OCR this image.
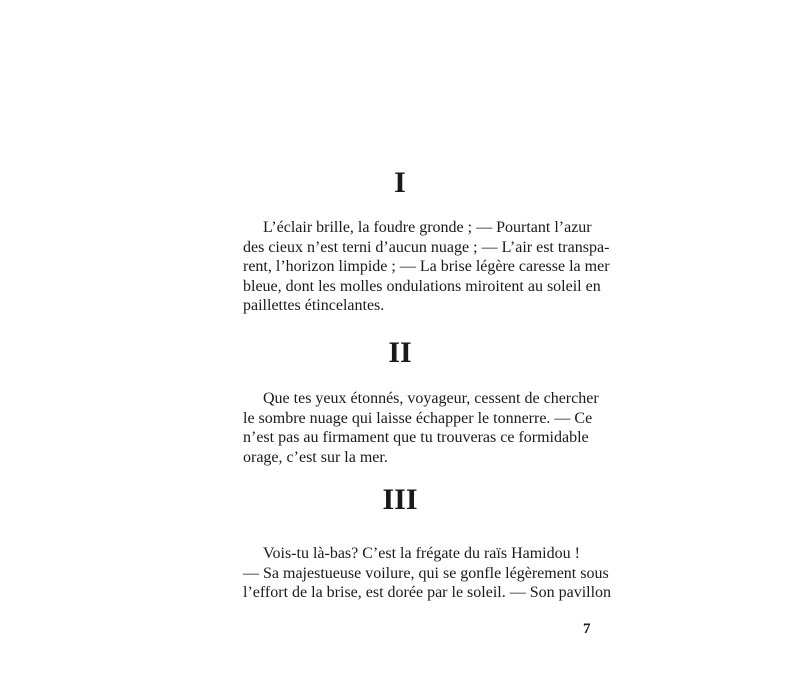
I

L’éclair brille, la foudre gronde ; — Pourtant l’azur
des cieux n’est terni d’aucun nuage ; — L’air est transpa-
rent, l’horizon limpide ; — La brise légère caresse la mer
bleue, dont les molles ondulations miroitent au soleil en
paillettes étincelantes.

II

Que tes yeux étonnés, voyageur, cessent de chercher
le sombre nuage qui laisse échapper le tonnerre. — Ce
n’est pas au firmament que tu trouveras ce formidable
orage, c’est sur la mer.

III

Vois-tu là-bas? C’est la frégate du raïs Hamidou !
— Sa majestueuse voilure, qui se gonfle légèrement sous
l’effort de la brise, est dorée par le soleil. — Son pavillon

7
